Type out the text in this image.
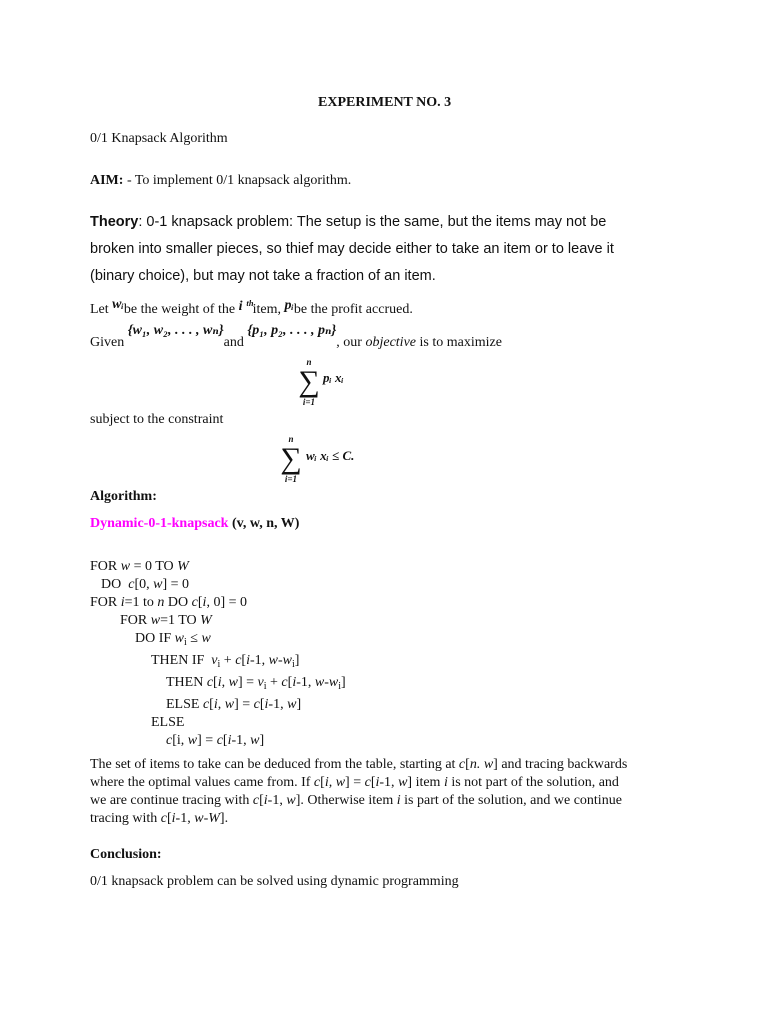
EXPERIMENT NO. 3
0/1 Knapsack Algorithm
AIM: - To implement 0/1 knapsack algorithm.
Theory: 0-1 knapsack problem: The setup is the same, but the items may not be
broken into smaller pieces, so thief may decide either to take an item or to leave it
(binary choice), but may not take a fraction of an item.
Let wᵢbe the weight of the i ᵗʰitem, pᵢbe the profit accrued.
Given {w₁, w₂, . . . , wₙ}and {p₁, p₂, . . . , pₙ}, our objective is to maximize
n
∑
i=1
pᵢ xᵢ
subject to the constraint
n
∑
i=1
wᵢ xᵢ ≤ C.
Algorithm:
Dynamic-0-1-knapsack (v, w, n, W)
FOR w = 0 TO W
DO  c[0, w] = 0
FOR i=1 to n DO c[i, 0] = 0
FOR w=1 TO W
DO IF $w_i \le w$
THEN IF  $v_i + c[i-1$, $w-w_i$]
THEN c[i, $w] = v_i + c[i-1$, $w-w_i$]
ELSE c[i, w] = c[i-1, w]
ELSE
c[i, w] = c[i-1, w]
The set of items to take can be deduced from the table, starting at c[n. w] and tracing backwards
where the optimal values came from. If c[i, w] = c[i-1, w] item i is not part of the solution, and
we are continue tracing with c[i-1, w]. Otherwise item i is part of the solution, and we continue
tracing with c[i-1, w-W].
Conclusion:
0/1 knapsack problem can be solved using dynamic programming
